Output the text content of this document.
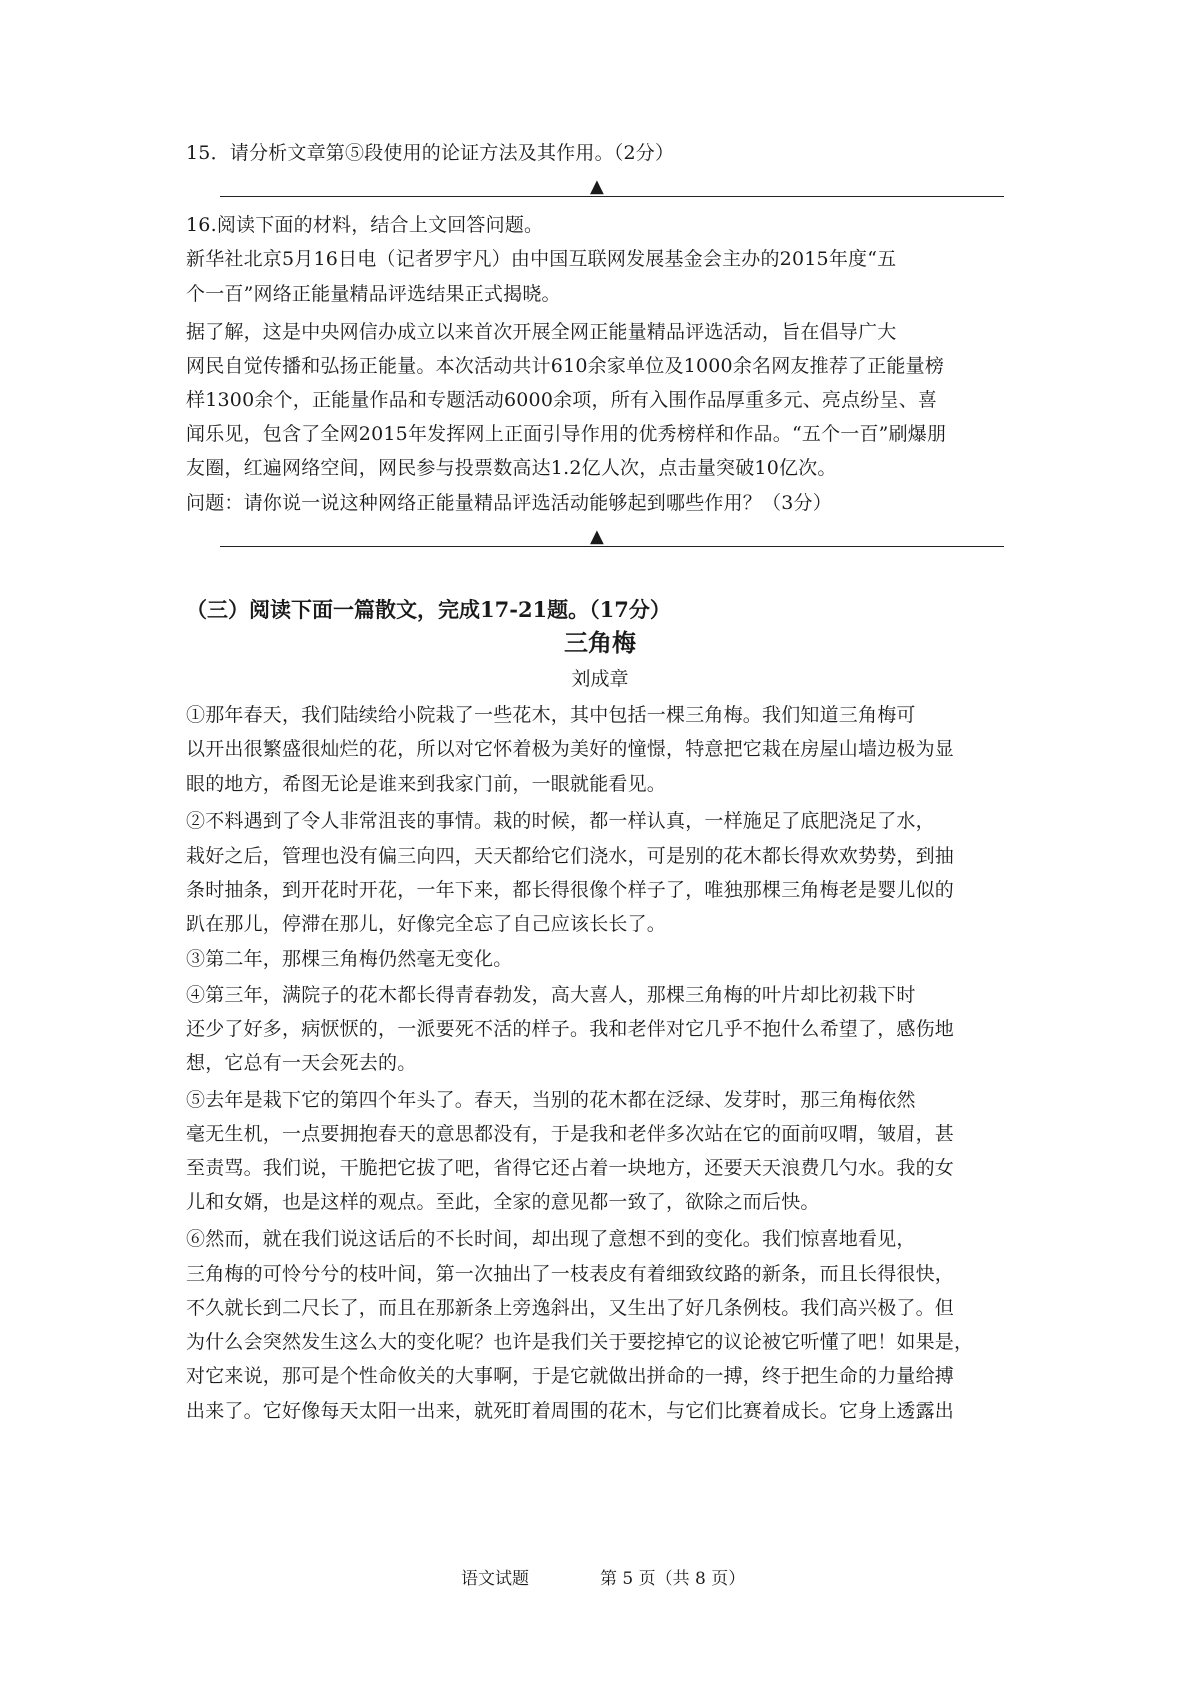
15．请分析文章第⑤段使用的论证方法及其作用。（2分）
▲
16.阅读下面的材料，结合上文回答问题。
新华社北京5月16日电（记者罗宇凡）由中国互联网发展基金会主办的2015年度“五
个一百”网络正能量精品评选结果正式揭晓。
据了解，这是中央网信办成立以来首次开展全网正能量精品评选活动，旨在倡导广大
网民自觉传播和弘扬正能量。本次活动共计610余家单位及1000余名网友推荐了正能量榜
样1300余个，正能量作品和专题活动6000余项，所有入围作品厚重多元、亮点纷呈、喜
闻乐见，包含了全网2015年发挥网上正面引导作用的优秀榜样和作品。“五个一百”刷爆朋
友圈，红遍网络空间，网民参与投票数高达1.2亿人次，点击量突破10亿次。
问题：请你说一说这种网络正能量精品评选活动能够起到哪些作用？（3分）
▲
（三）阅读下面一篇散文，完成17-21题。（17分）
三角梅
刘成章
①那年春天，我们陆续给小院栽了一些花木，其中包括一棵三角梅。我们知道三角梅可
以开出很繁盛很灿烂的花，所以对它怀着极为美好的憧憬，特意把它栽在房屋山墙边极为显
眼的地方，希图无论是谁来到我家门前，一眼就能看见。
②不料遇到了令人非常沮丧的事情。栽的时候，都一样认真，一样施足了底肥浇足了水，
栽好之后，管理也没有偏三向四，天天都给它们浇水，可是别的花木都长得欢欢势势，到抽
条时抽条，到开花时开花，一年下来，都长得很像个样子了，唯独那棵三角梅老是婴儿似的
趴在那儿，停滞在那儿，好像完全忘了自己应该长长了。
③第二年，那棵三角梅仍然毫无变化。
④第三年，满院子的花木都长得青春勃发，高大喜人，那棵三角梅的叶片却比初栽下时
还少了好多，病恹恹的，一派要死不活的样子。我和老伴对它几乎不抱什么希望了，感伤地
想，它总有一天会死去的。
⑤去年是栽下它的第四个年头了。春天，当别的花木都在泛绿、发芽时，那三角梅依然
毫无生机，一点要拥抱春天的意思都没有，于是我和老伴多次站在它的面前叹喟，皱眉，甚
至责骂。我们说，干脆把它拔了吧，省得它还占着一块地方，还要天天浪费几勺水。我的女
儿和女婿，也是这样的观点。至此，全家的意见都一致了，欲除之而后快。
⑥然而，就在我们说这话后的不长时间，却出现了意想不到的变化。我们惊喜地看见，
三角梅的可怜兮兮的枝叶间，第一次抽出了一枝表皮有着细致纹路的新条，而且长得很快，
不久就长到二尺长了，而且在那新条上旁逸斜出，又生出了好几条例枝。我们高兴极了。但
为什么会突然发生这么大的变化呢？也许是我们关于要挖掉它的议论被它听懂了吧！如果是，
对它来说，那可是个性命攸关的大事啊，于是它就做出拼命的一搏，终于把生命的力量给搏
出来了。它好像每天太阳一出来，就死盯着周围的花木，与它们比赛着成长。它身上透露出
语文试题	第 5 页（共 8 页）
